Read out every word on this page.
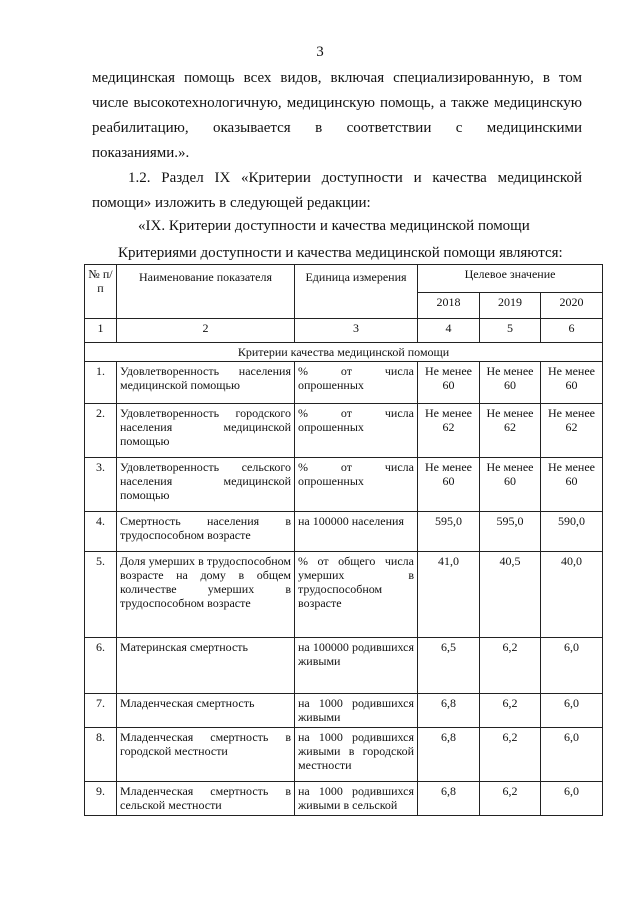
3
медицинская помощь всех видов, включая специализированную, в том
числе высокотехнологичную, медицинскую помощь, а также медицинскую
реабилитацию, оказывается в соответствии с медицинскими
показаниями.».
1.2. Раздел IX «Критерии доступности и качества медицинской
помощи» изложить в следующей редакции:
«IX. Критерии доступности и качества медицинской помощи
Критериями доступности и качества медицинской помощи являются:
№ п/п	Наименование показателя	Единица измерения	Целевое значение		
			2018	2019	2020
1	2	3	4	5	6
Критерии качества медицинской помощи					
1.	Удовлетворенность населения медицинской помощью	% от числа опрошенных	Не менее 60	Не менее 60	Не менее 60
2.	Удовлетворенность городского населения медицинской помощью	% от числа опрошенных	Не менее 62	Не менее 62	Не менее 62
3.	Удовлетворенность сельского населения медицинской помощью	% от числа опрошенных	Не менее 60	Не менее 60	Не менее 60
4.	Смертность населения в трудоспособном возрасте	на 100000 населения	595,0	595,0	590,0
5.	Доля умерших в трудоспособном возрасте на дому в общем количестве умерших в трудоспособном возрасте	% от общего числа умерших в трудоспособном возрасте	41,0	40,5	40,0
6.	Материнская смертность	на 100000 родившихся живыми	6,5	6,2	6,0
7.	Младенческая смертность	на 1000 родившихся живыми	6,8	6,2	6,0
8.	Младенческая смертность в городской местности	на 1000 родившихся живыми в городской местности	6,8	6,2	6,0
9.	Младенческая смертность в сельской местности	на 1000 родившихся живыми в сельской	6,8	6,2	6,0
